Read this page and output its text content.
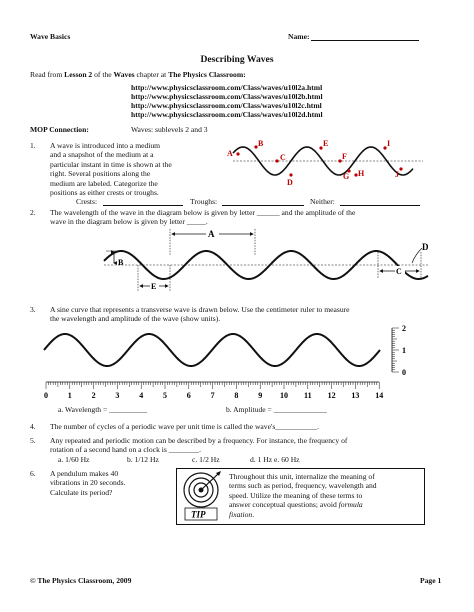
Wave Basics	Name:
Describing Waves
Read from Lesson 2 of the Waves chapter at The Physics Classroom:
http://www.physicsclassroom.com/Class/waves/u10l2a.html
http://www.physicsclassroom.com/Class/waves/u10l2b.html
http://www.physicsclassroom.com/Class/waves/u10l2c.html
http://www.physicsclassroom.com/Class/waves/u10l2d.html
MOP Connection:	Waves: sublevels 2 and 3
1. A wave is introduced into a medium
and a snapshot of the medium at a
particular instant in time is shown at the
right. Several positions along the
medium are labeled. Categorize the
positions as either crests or troughs.
Crests:	Troughs:	Neither:
A
B
C
D
E
F
G H
I
J
2. The wavelength of the wave in the diagram below is given by letter ______ and the amplitude of the
wave in the diagram below is given by letter _____.
A
B
C
D
E
3. A sine curve that represents a transverse wave is drawn below. Use the centimeter ruler to measure
the wavelength and amplitude of the wave (show units).
2
1
0
0 1 2 3 4 5 6 7 8 9 10 11 12 13 14
a. Wavelength = __________	b. Amplitude = ______________
4. The number of cycles of a periodic wave per unit time is called the wave's___________.
5. Any repeated and periodic motion can be described by a frequency. For instance, the frequency of
rotation of a second hand on a clock is ________.
a. 1/60 Hz	b. 1/12 Hz	c. 1/2 Hz	d. 1 Hz e. 60 Hz
6. A pendulum makes 40
vibrations in 20 seconds.
Calculate its period?
TIP
Throughout this unit, internalize the meaning of
terms such as period, frequency, wavelength and
speed. Utilize the meaning of these terms to
answer conceptual questions; avoid formula
fixation.
© The Physics Classroom, 2009	Page 1
